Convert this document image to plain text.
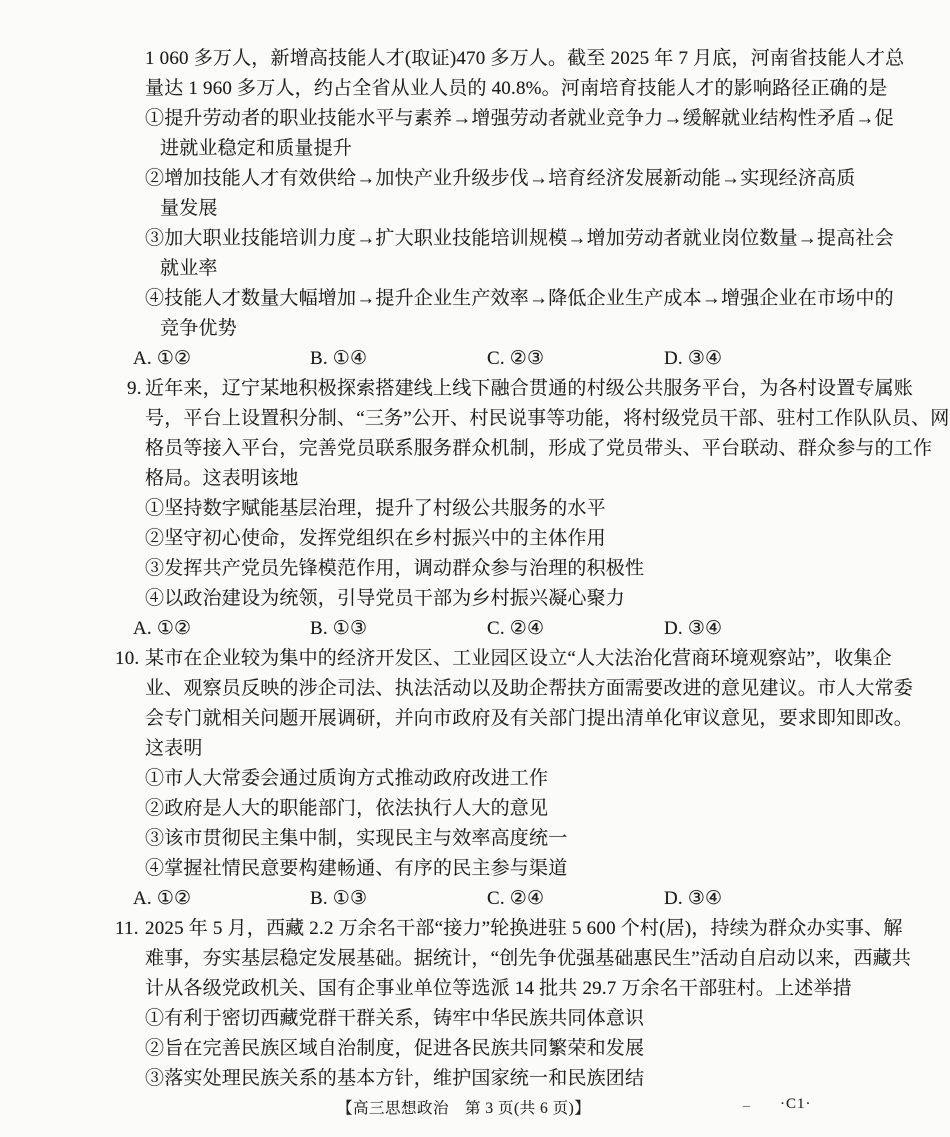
1 060 多万人，新增高技能人才(取证)470 多万人。截至 2025 年 7 月底，河南省技能人才总
量达 1 960 多万人，约占全省从业人员的 40.8%。河南培育技能人才的影响路径正确的是
①提升劳动者的职业技能水平与素养→增强劳动者就业竞争力→缓解就业结构性矛盾→促
进就业稳定和质量提升
②增加技能人才有效供给→加快产业升级步伐→培育经济发展新动能→实现经济高质
量发展
③加大职业技能培训力度→扩大职业技能培训规模→增加劳动者就业岗位数量→提高社会
就业率
④技能人才数量大幅增加→提升企业生产效率→降低企业生产成本→增强企业在市场中的
竞争优势
A. ①②	B. ①④	C. ②③	D. ③④
9. 近年来，辽宁某地积极探索搭建线上线下融合贯通的村级公共服务平台，为各村设置专属账
号，平台上设置积分制、“三务”公开、村民说事等功能，将村级党员干部、驻村工作队队员、网
格员等接入平台，完善党员联系服务群众机制，形成了党员带头、平台联动、群众参与的工作
格局。这表明该地
①坚持数字赋能基层治理，提升了村级公共服务的水平
②坚守初心使命，发挥党组织在乡村振兴中的主体作用
③发挥共产党员先锋模范作用，调动群众参与治理的积极性
④以政治建设为统领，引导党员干部为乡村振兴凝心聚力
A. ①②	B. ①③	C. ②④	D. ③④
10. 某市在企业较为集中的经济开发区、工业园区设立“人大法治化营商环境观察站”，收集企
业、观察员反映的涉企司法、执法活动以及助企帮扶方面需要改进的意见建议。市人大常委
会专门就相关问题开展调研，并向市政府及有关部门提出清单化审议意见，要求即知即改。
这表明
①市人大常委会通过质询方式推动政府改进工作
②政府是人大的职能部门，依法执行人大的意见
③该市贯彻民主集中制，实现民主与效率高度统一
④掌握社情民意要构建畅通、有序的民主参与渠道
A. ①②	B. ①③	C. ②④	D. ③④
11. 2025 年 5 月，西藏 2.2 万余名干部“接力”轮换进驻 5 600 个村(居)，持续为群众办实事、解
难事，夯实基层稳定发展基础。据统计，“创先争优强基础惠民生”活动自启动以来，西藏共
计从各级党政机关、国有企事业单位等选派 14 批共 29.7 万余名干部驻村。上述举措
①有利于密切西藏党群干群关系，铸牢中华民族共同体意识
②旨在完善民族区域自治制度，促进各民族共同繁荣和发展
③落实处理民族关系的基本方针，维护国家统一和民族团结
【高三思想政治　第 3 页(共 6 页)】	_ ·C1·
